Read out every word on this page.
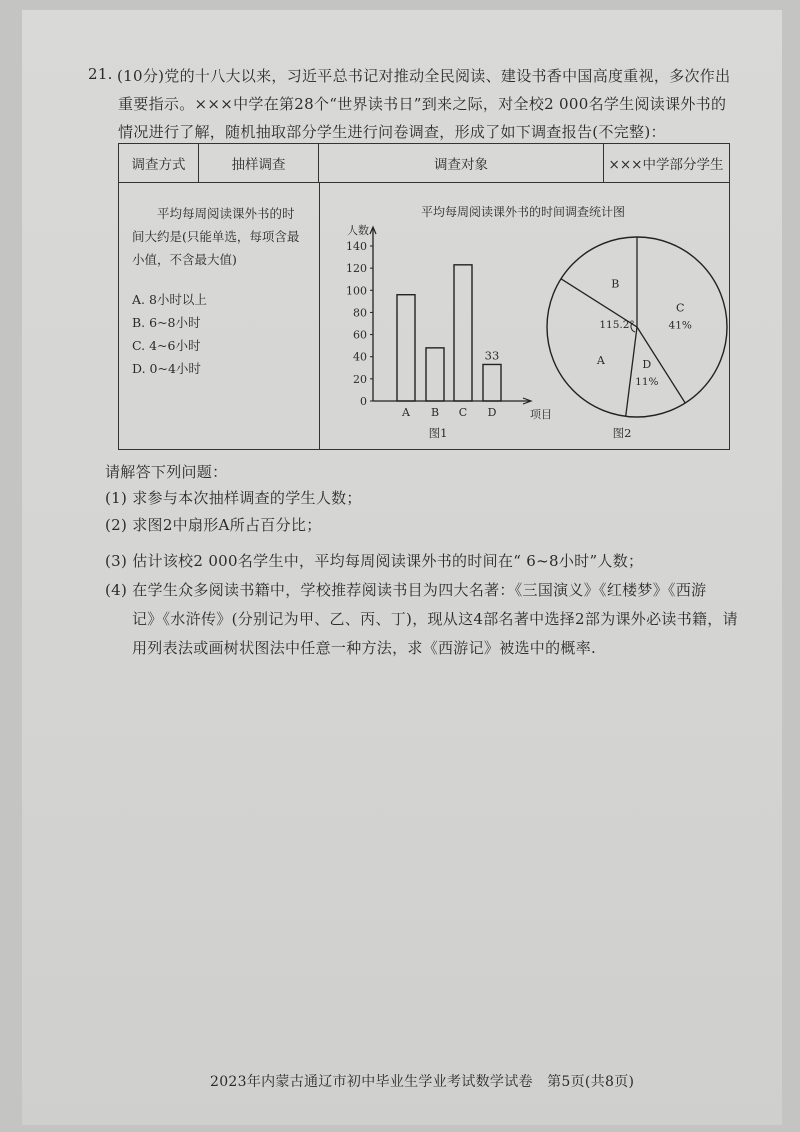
21. (10分)党的十八大以来，习近平总书记对推动全民阅读、建设书香中国高度重视，多次作出
重要指示。×××中学在第28个“世界读书日”到来之际，对全校2 000名学生阅读课外书的
情况进行了解，随机抽取部分学生进行问卷调查，形成了如下调查报告(不完整)：
调查方式	抽样调查	调查对象	×××中学部分学生
平均每周阅读课外书的时
间大约是(只能单选，每项含最
小值，不含最大值)
A. 8小时以上
B. 6~8小时
C. 4~6小时
D. 0~4小时
平均每周阅读课外书的时间调查统计图
人数
项目
0
20
40
60
80
100
120
140
A B C D
33
C
41%
D
11%
A
115.2°
B
图1	图2
请解答下列问题：
(1) 求参与本次抽样调查的学生人数；
(2) 求图2中扇形A所占百分比；
(3) 估计该校2 000名学生中，平均每周阅读课外书的时间在“ 6~8小时”人数；
(4) 在学生众多阅读书籍中，学校推荐阅读书目为四大名著：《三国演义》《红楼梦》《西游
记》《水浒传》(分别记为甲、乙、丙、丁)，现从这4部名著中选择2部为课外必读书籍，请
用列表法或画树状图法中任意一种方法，求《西游记》被选中的概率.
2023年内蒙古通辽市初中毕业生学业考试数学试卷　第5页(共8页)
